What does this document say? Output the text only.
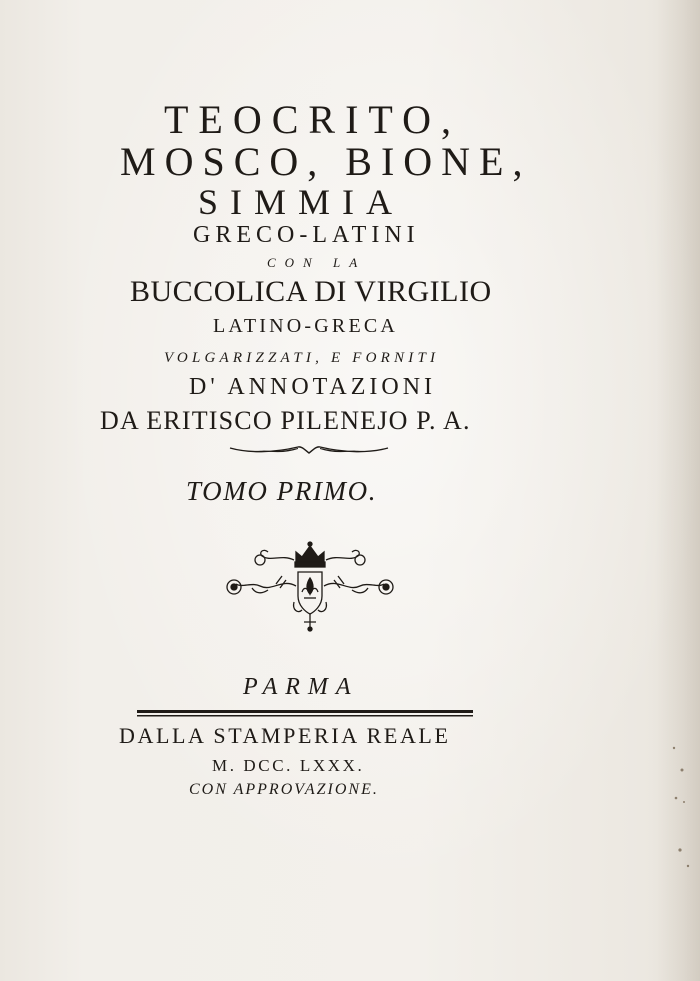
TEOCRITO,
MOSCO, BIONE,
SIMMIA
GRECO-LATINI
CON LA
BUCCOLICA DI VIRGILIO
LATINO-GRECA
VOLGARIZZATI, E FORNITI
D' ANNOTAZIONI
DA ERITISCO PILENEJO P. A.
TOMO PRIMO.
PARMA
DALLA STAMPERIA REALE
M. DCC. LXXX.
CON APPROVAZIONE.
